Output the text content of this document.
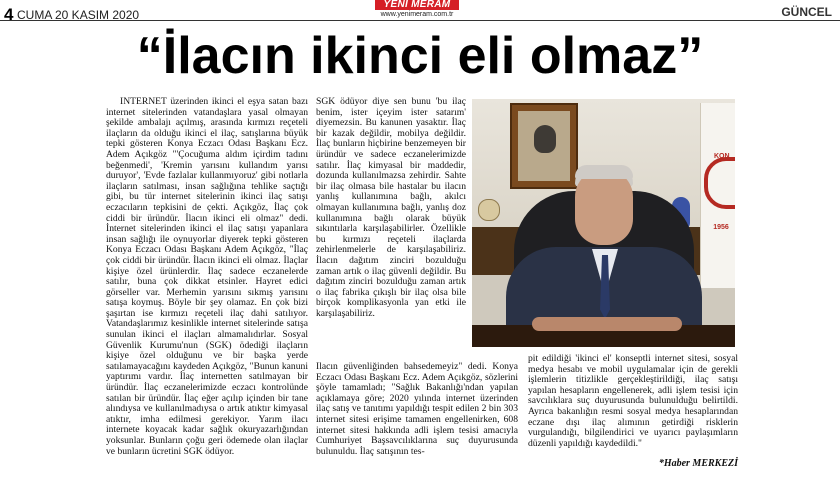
4 CUMA 20 KASIM 2020
YENİ MERAM
www.yenimeram.com.tr	GÜNCEL
“İlacın ikinci eli olmaz”

INTERNET üzerinden ikinci el eşya satan bazı internet sitelerinden vatandaşlara yasal olmayan şekilde ambalajı açılmış, arasında kırmızı reçeteli ilaçların da olduğu ikinci el ilaç, satışlarına büyük tepki gösteren Konya Eczacı Odası Başkanı Ecz. Adem Açıkgöz "'Çocuğuma aldım içirdim tadını beğenmedi', 'Kremin yarısını kullandım yarısı duruyor', 'Evde fazlalar kullanmıyoruz' gibi notlarla ilaçların satılması, insan sağlığına tehlike saçtığı gibi, bu tür internet sitelerinin ikinci ilaç satışı eczacıların tepkisini de çekti. Açıkgöz, İlaç çok ciddi bir üründür. İlacın ikinci eli olmaz" dedi. İnternet sitelerinden ikinci el ilaç satışı yapanlara insan sağlığı ile oynuyorlar diyerek tepki gösteren Konya Eczacı Odası Başkanı Adem Açıkgöz, "İlaç çok ciddi bir üründür. İlacın ikinci eli olmaz. İlaçlar kişiye özel ürünlerdir. İlaç sadece eczanelerde satılır, buna çok dikkat etsinler. Hayret edici görseller var. Merhemin yarısını sıkmış yarısını satışa koymuş. Böyle bir şey olamaz. En çok bizi şaşırtan ise kırmızı reçeteli ilaç dahi satılıyor. Vatandaşlarımız kesinlikle internet sitelerinde satışa sunulan ikinci el ilaçları almamalıdırlar. Sosyal Güvenlik Kurumu'nun (SGK) ödediği ilaçların kişiye özel olduğunu ve bir başka yerde satılamayacağını kaydeden Açıkgöz, "Bunun kanuni yaptırımı vardır. İlaç internetten satılmayan bir üründür. İlaç eczanelerimizde eczacı kontrolünde satılan bir üründür. İlaç eğer açılıp içinden bir tane alındıysa ve kullanılmadıysa o artık atıktır kimyasal atıktır, imha edilmesi gerekiyor. Yarım ilacı internete koyacak kadar sağlık okuryazarlığından yoksunlar. Bunların çoğu geri ödemede olan ilaçlar ve bunların ücretini SGK ödüyor.

SGK ödüyor diye sen bunu 'bu ilaç benim, ister içeyim ister satarım' diyemezsin. Bu kanunen yasaktır. İlaç bir kazak değildir, mobilya değildir. İlaç bunların hiçbirine benzemeyen bir üründür ve sadece eczanelerimizde satılır. İlaç kimyasal bir maddedir, dozunda kullanılmazsa zehirdir. Sahte bir ilaç olmasa bile hastalar bu ilacın yanlış kullanımına bağlı, akılcı olmayan kullanımına bağlı, yanlış doz kullanımına bağlı olarak büyük sıkıntılarla karşılaşabilirler. Özellikle bu kırmızı reçeteli ilaçlarda zehirlenmelerle de karşılaşabiliriz. İlacın dağıtım zinciri bozulduğu zaman artık o ilaç güvenli değildir. Bu dağıtım zinciri bozulduğu zaman artık o ilaç fabrika çıkışlı bir ilaç olsa bile birçok komplikasyonla yan etki ile karşılaşabiliriz.

İlacın güvenliğinden bahsedemeyiz" dedi. Konya Eczacı Odası Başkanı Ecz. Adem Açıkgöz, sözlerini şöyle tamamladı; "Sağlık Bakanlığı'ndan yapılan açıklamaya göre; 2020 yılında internet üzerinden ilaç satış ve tanıtımı yapıldığı tespit edilen 2 bin 303 internet sitesi erişime tamamen engellenirken, 608 internet sitesi hakkında adli işlem tesisi amacıyla Cumhuriyet Başsavcılıklarına suç duyurusunda bulunuldu. İlaç satışının tes-

pit edildiği 'ikinci el' konseptli internet sitesi, sosyal medya hesabı ve mobil uygulamalar için de gerekli işlemlerin titizlikle gerçekleştirildiği, ilaç satışı yapılan hesapların engellenerek, adli işlem tesisi için savcılıklara suç duyurusunda bulunulduğu belirtildi. Ayrıca bakanlığın resmi sosyal medya hesaplarından eczane dışı ilaç alımının getirdiği risklerin vurgulandığı, bilgilendirici ve uyarıcı paylaşımların düzenli yapıldığı kaydedildi."

*Haber MERKEZİ
KON
1956
